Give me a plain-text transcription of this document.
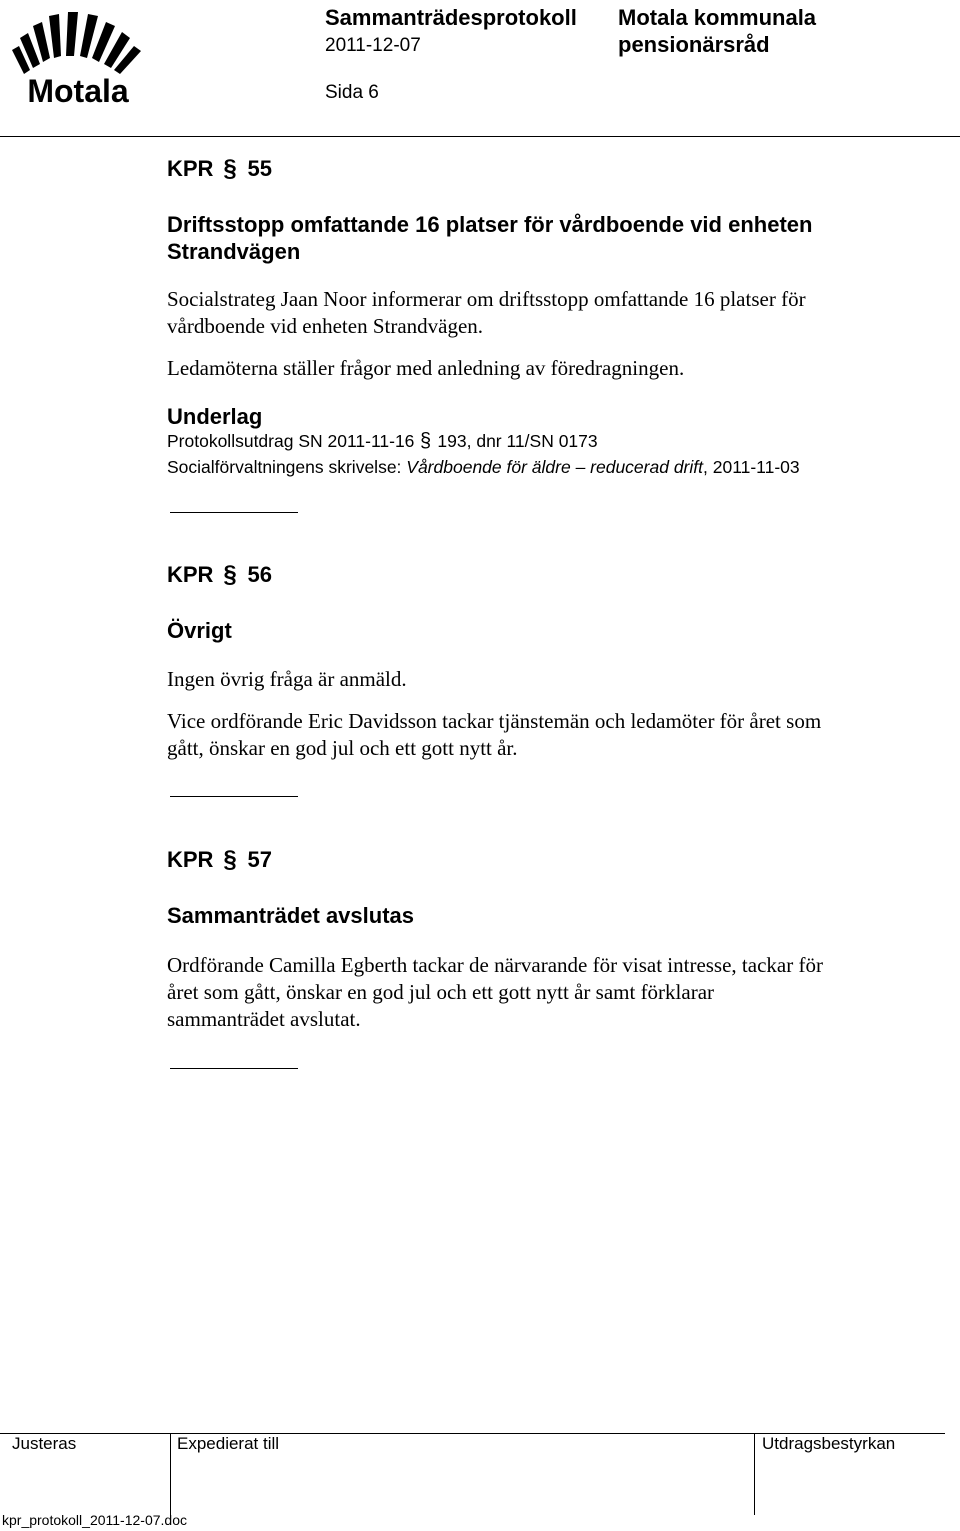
Motala
Sammanträdesprotokoll
2011-12-07
Motala kommunala
pensionärsråd
Sida 6
KPR § 55
Driftsstopp omfattande 16 platser för vårdboende vid enheten
Strandvägen
Socialstrateg Jaan Noor informerar om driftsstopp omfattande 16 platser för
vårdboende vid enheten Strandvägen.
Ledamöterna ställer frågor med anledning av föredragningen.
Underlag
Protokollsutdrag SN 2011-11-16 § 193, dnr 11/SN 0173
Socialförvaltningens skrivelse: Vårdboende för äldre – reducerad drift, 2011-11-03
KPR § 56
Övrigt
Ingen övrig fråga är anmäld.
Vice ordförande Eric Davidsson tackar tjänstemän och ledamöter för året som
gått, önskar en god jul och ett gott nytt år.
KPR § 57
Sammanträdet avslutas
Ordförande Camilla Egberth tackar de närvarande för visat intresse, tackar för
året som gått, önskar en god jul och ett gott nytt år samt förklarar
sammanträdet avslutat.
Justeras	Expedierat till	Utdragsbestyrkan
kpr_protokoll_2011-12-07.doc
